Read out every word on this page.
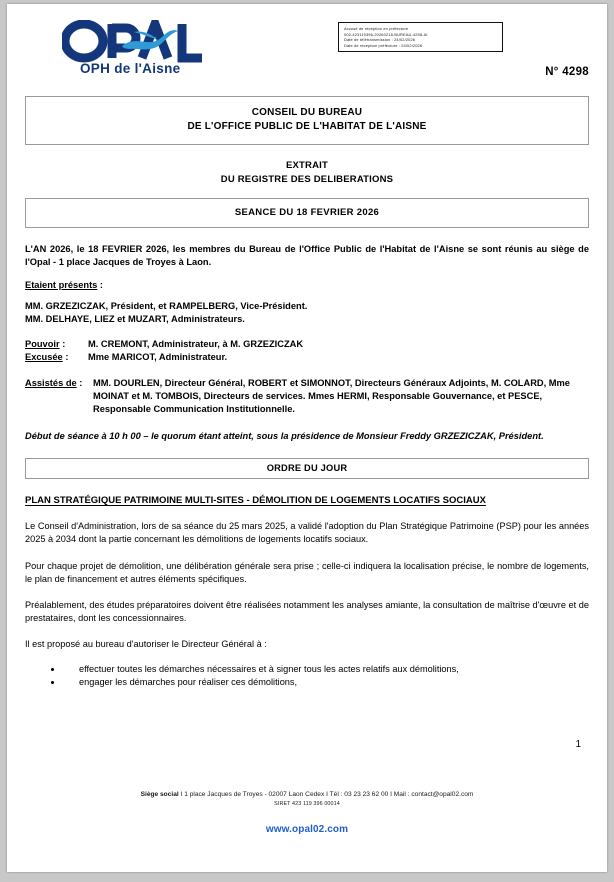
OPH de l'Aisne
Accusé de réception en préfecture
002-423119396-20260218-BUREAU-4298-AI
Date de télétransmission : 24/02/2026
Date de réception préfecture : 24/02/2026
N° 4298
CONSEIL DU BUREAU
DE L'OFFICE PUBLIC DE L'HABITAT DE L'AISNE
EXTRAIT
DU REGISTRE DES DELIBERATIONS
SEANCE DU 18 FEVRIER 2026
L'AN 2026, le 18 FEVRIER 2026, les membres du Bureau de l'Office Public de l'Habitat de l'Aisne se sont réunis au siège de l'Opal - 1 place Jacques de Troyes à Laon.
Etaient présents :
MM. GRZEZICZAK, Président, et RAMPELBERG, Vice-Président.
MM. DELHAYE, LIEZ et MUZART, Administrateurs.
Pouvoir :	M. CREMONT, Administrateur, à M. GRZEZICZAK
Excusée :	Mme MARICOT, Administrateur.
Assistés de :	MM. DOURLEN, Directeur Général, ROBERT et SIMONNOT, Directeurs Généraux Adjoints, M. COLARD, Mme MOINAT et M. TOMBOIS, Directeurs de services. Mmes HERMI, Responsable Gouvernance, et PESCE, Responsable Communication Institutionnelle.
Début de séance à 10 h 00 – le quorum étant atteint, sous la présidence de Monsieur Freddy GRZEZICZAK, Président.
ORDRE DU JOUR
PLAN STRATÉGIQUE PATRIMOINE MULTI-SITES - DÉMOLITION DE LOGEMENTS LOCATIFS SOCIAUX
Le Conseil d'Administration, lors de sa séance du 25 mars 2025, a validé l'adoption du Plan Stratégique Patrimoine (PSP) pour les années 2025 à 2034 dont la partie concernant les démolitions de logements locatifs sociaux.
Pour chaque projet de démolition, une délibération générale sera prise ; celle-ci indiquera la localisation précise, le nombre de logements, le plan de financement et autres éléments spécifiques.
Préalablement, des études préparatoires doivent être réalisées notamment les analyses amiante, la consultation de maîtrise d'œuvre et de prestataires, dont les concessionnaires.
Il est proposé au bureau d'autoriser le Directeur Général à :
• effectuer toutes les démarches nécessaires et à signer tous les actes relatifs aux démolitions,
• engager les démarches pour réaliser ces démolitions,
1
Siège social I 1 place Jacques de Troyes - 02007 Laon Cedex I Tél : 03 23 23 62 00 I Mail : contact@opal02.com
SIRET 423 119 396 00014
www.opal02.com
